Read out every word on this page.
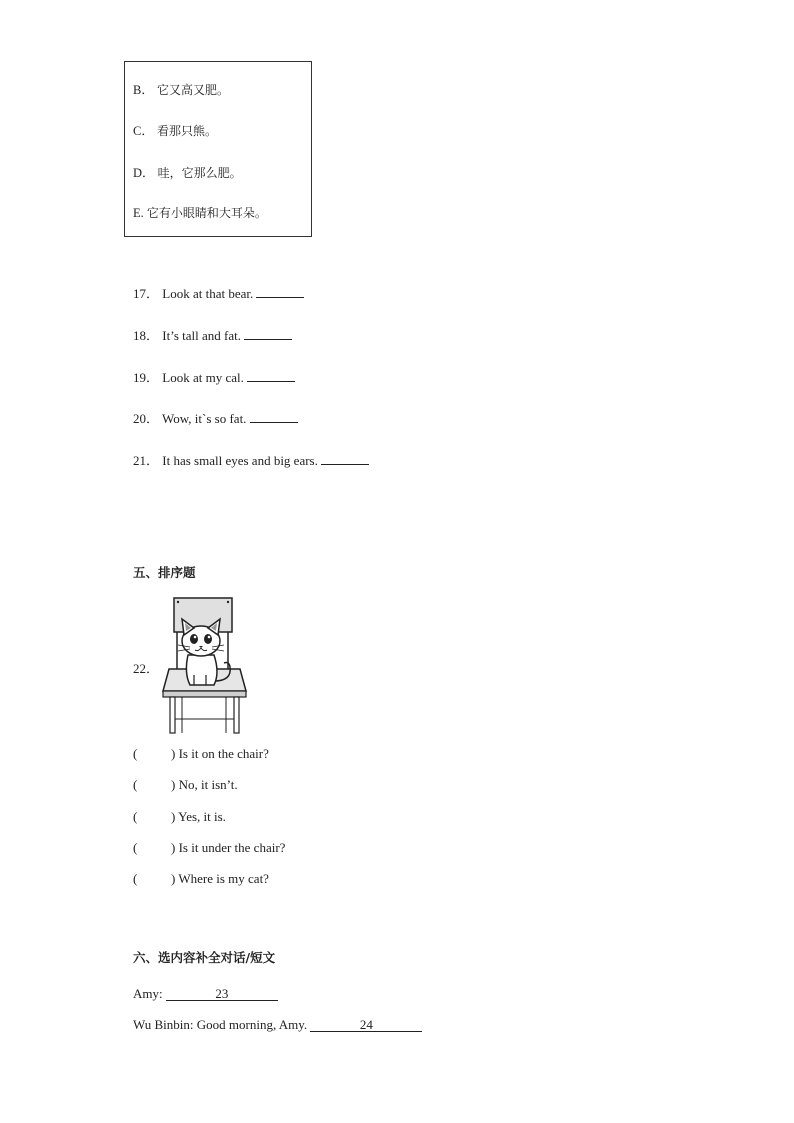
B． 它又高又肥。
C． 看那只熊。
D． 哇，它那么肥。
E. 它有小眼睛和大耳朵。
17． Look at that bear.
18． It’s tall and fat.
19． Look at my cal.
20． Wow, it`s so fat.
21． It has small eyes and big ears.
五、排序题
22．
(	) Is it on the chair?
(	) No, it isn’t.
(	) Yes, it is.
(	) Is it under the chair?
(	) Where is my cat?
六、选内容补全对话/短文
Amy:	23
Wu Binbin: Good morning, Amy.	24
